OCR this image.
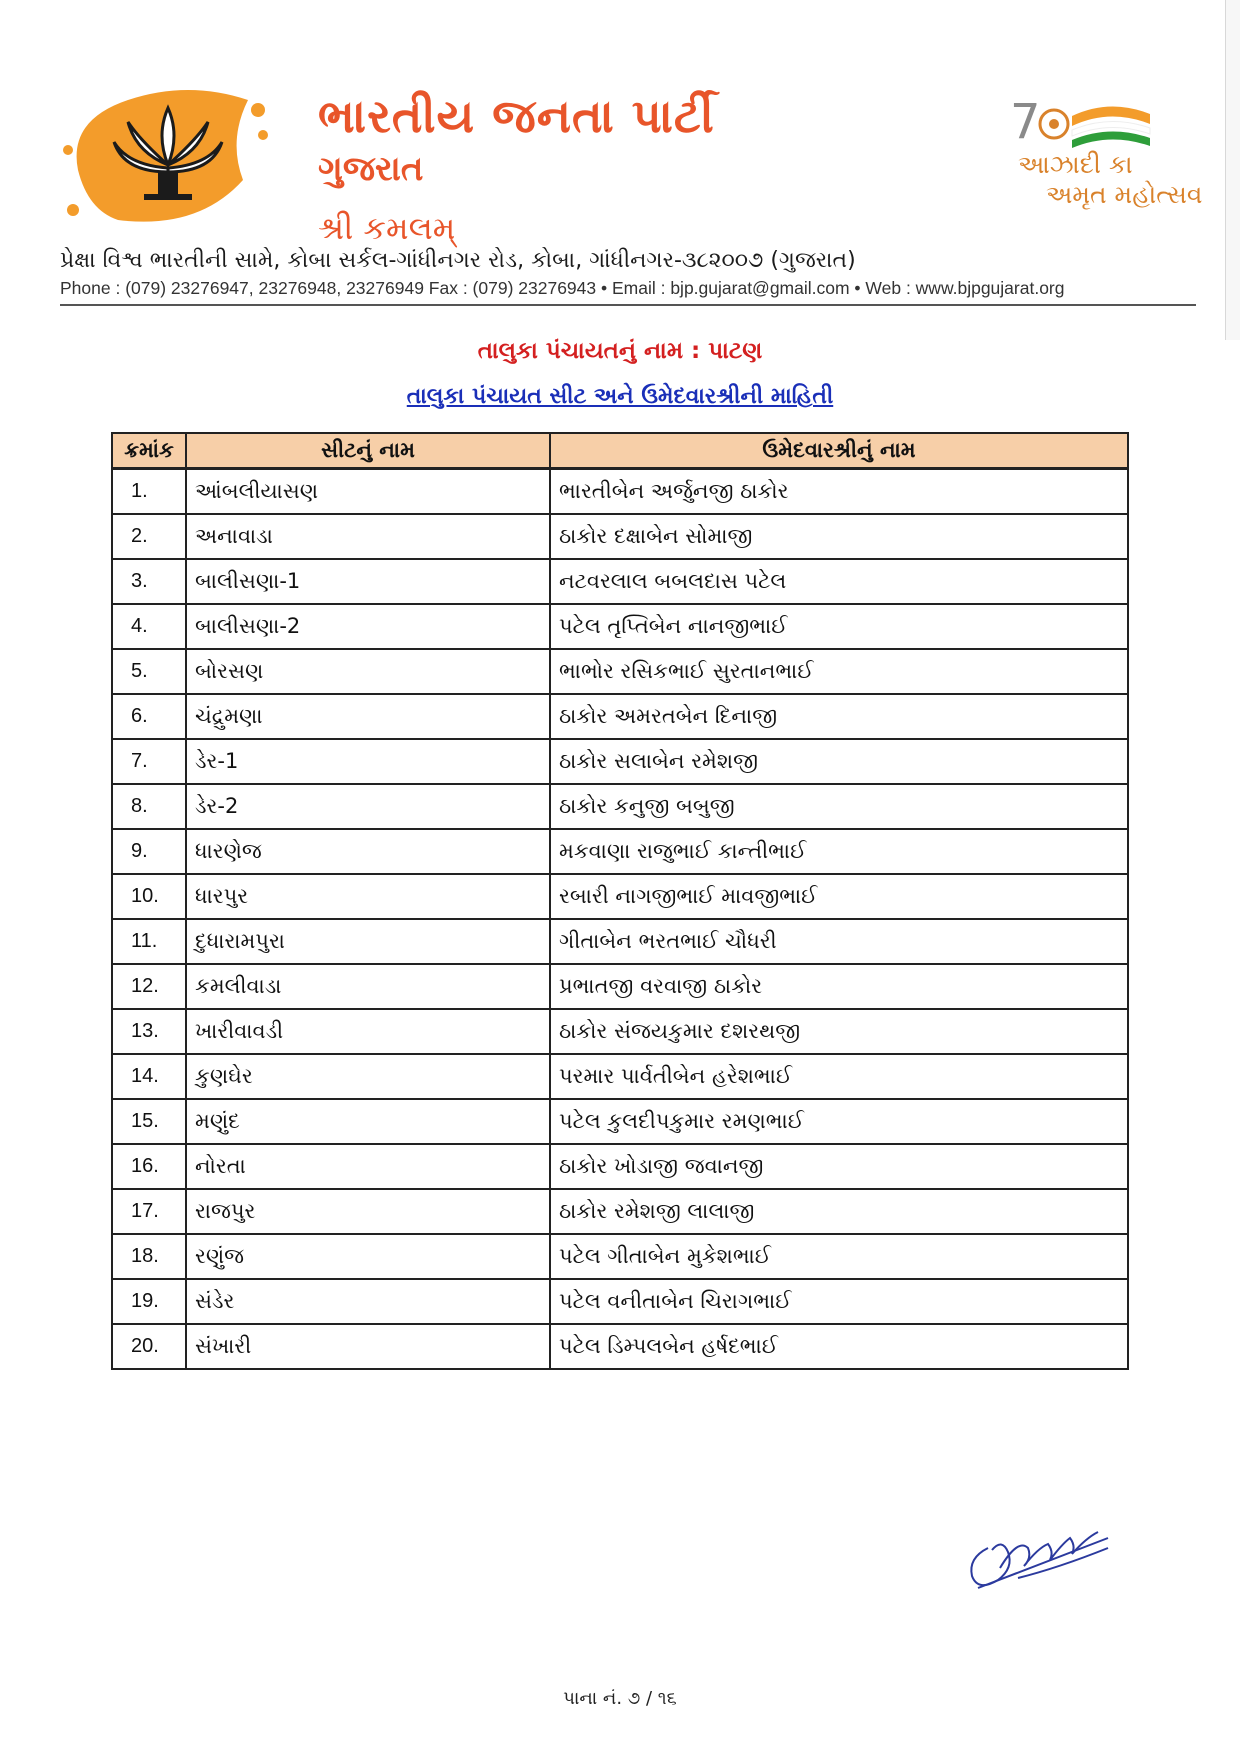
ભારતીય જનતા પાર્ટી
ગુજરાત
શ્રી કમલમ્
7
આઝાદી કા
અમૃત મહોત્સવ
પ્રેક્ષા વિશ્વ ભારતીની સામે, કોબા સર્કલ-ગાંધીનગર રોડ, કોબા, ગાંધીનગર-૩૮૨૦૦૭ (ગુજરાત)
Phone : (079) 23276947, 23276948, 23276949 Fax : (079) 23276943 • Email : bjp.gujarat@gmail.com • Web : www.bjpgujarat.org
તાલુકા પંચાયતનું નામ : પાટણ
તાલુકા પંચાયત સીટ અને ઉમેદવારશ્રીની માહિતી
ક્રમાંક	સીટનું નામ	ઉમેદવારશ્રીનું નામ
1.	આંબલીયાસણ	ભારતીબેન અર્જુનજી ઠાકોર
2.	અનાવાડા	ઠાકોર દક્ષાબેન સોમાજી
3.	બાલીસણા-1	નટવરલાલ બબલદાસ પટેલ
4.	બાલીસણા-2	પટેલ તૃપ્તિબેન નાનજીભાઈ
5.	બોરસણ	ભાભોર રસિકભાઈ સુરતાનભાઈ
6.	ચંદ્રુમણા	ઠાકોર અમરતબેન દિનાજી
7.	ડેર-1	ઠાકોર સલાબેન રમેશજી
8.	ડેર-2	ઠાકોર કનુજી બબુજી
9.	ધારણેજ	મકવાણા રાજુભાઈ કાન્તીભાઈ
10.	ધારપુર	રબારી નાગજીભાઈ માવજીભાઈ
11.	દુધારામપુરા	ગીતાબેન ભરતભાઈ ચૌધરી
12.	કમલીવાડા	પ્રભાતજી વરવાજી ઠાકોર
13.	ખારીવાવડી	ઠાકોર સંજયકુમાર દશરથજી
14.	કુણઘેર	પરમાર પાર્વતીબેન હરેશભાઈ
15.	મણુંદ	પટેલ કુલદીપકુમાર રમણભાઈ
16.	નોરતા	ઠાકોર ખોડાજી જવાનજી
17.	રાજપુર	ઠાકોર રમેશજી લાલાજી
18.	રણુંજ	પટેલ ગીતાબેન મુકેશભાઈ
19.	સંડેર	પટેલ વનીતાબેન ચિરાગભાઈ
20.	સંખારી	પટેલ ડિમ્પલબેન હર્ષદભાઈ
પાના નં. ૭ / ૧૬
